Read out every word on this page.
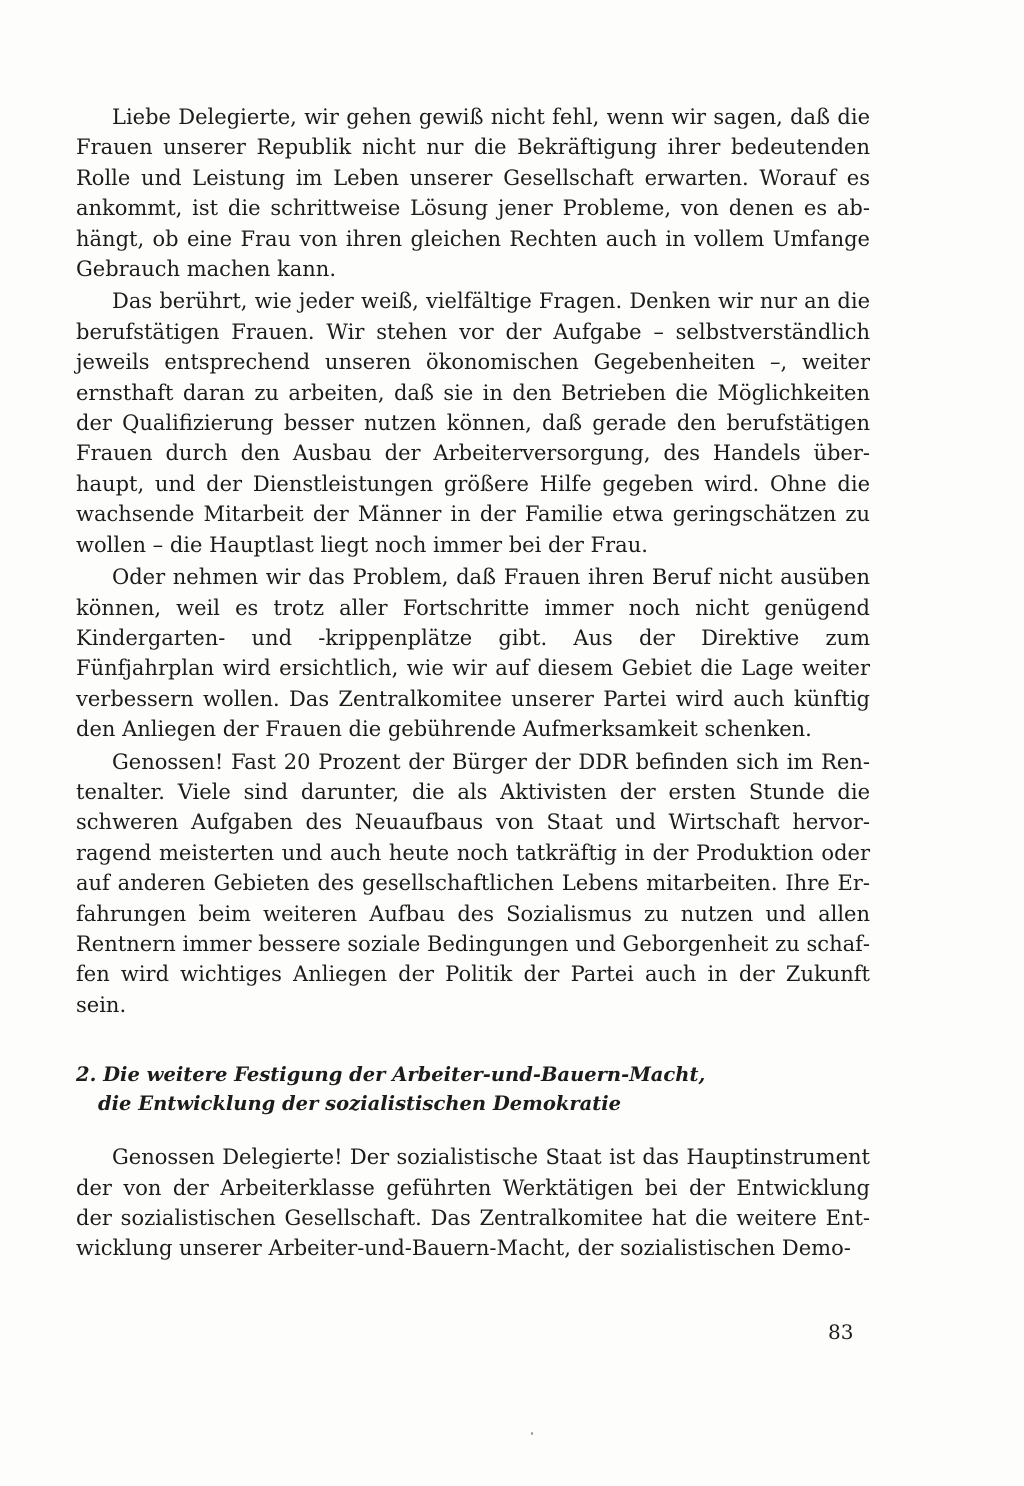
Liebe Delegierte, wir gehen gewiß nicht fehl, wenn wir sagen, daß die Frauen unserer Republik nicht nur die Bekräftigung ihrer bedeutenden Rolle und Leistung im Leben unserer Gesellschaft erwarten. Worauf es ankommt, ist die schrittweise Lösung jener Probleme, von denen es abhängt, ob eine Frau von ihren gleichen Rechten auch in vollem Umfange Gebrauch machen kann.

Das berührt, wie jeder weiß, vielfältige Fragen. Denken wir nur an die berufstätigen Frauen. Wir stehen vor der Aufgabe – selbstverständlich jeweils entsprechend unseren ökonomischen Gegebenheiten –, weiter ernsthaft daran zu arbeiten, daß sie in den Betrieben die Möglichkeiten der Qualifizierung besser nutzen können, daß gerade den berufstätigen Frauen durch den Ausbau der Arbeiterversorgung, des Handels überhaupt, und der Dienstleistungen größere Hilfe gegeben wird. Ohne die wachsende Mitarbeit der Männer in der Familie etwa geringschätzen zu wollen – die Hauptlast liegt noch immer bei der Frau.

Oder nehmen wir das Problem, daß Frauen ihren Beruf nicht ausüben können, weil es trotz aller Fortschritte immer noch nicht genügend Kindergarten- und -krippenplätze gibt. Aus der Direktive zum Fünfjahrplan wird ersichtlich, wie wir auf diesem Gebiet die Lage weiter verbessern wollen. Das Zentralkomitee unserer Partei wird auch künftig den Anliegen der Frauen die gebührende Aufmerksamkeit schenken.

Genossen! Fast 20 Prozent der Bürger der DDR befinden sich im Rentenalter. Viele sind darunter, die als Aktivisten der ersten Stunde die schweren Aufgaben des Neuaufbaus von Staat und Wirtschaft hervorragend meisterten und auch heute noch tatkräftig in der Produktion oder auf anderen Gebieten des gesellschaftlichen Lebens mitarbeiten. Ihre Erfahrungen beim weiteren Aufbau des Sozialismus zu nutzen und allen Rentnern immer bessere soziale Bedingungen und Geborgenheit zu schaffen wird wichtiges Anliegen der Politik der Partei auch in der Zukunft sein.

2. Die weitere Festigung der Arbeiter-und-Bauern-Macht,
die Entwicklung der sozialistischen Demokratie

Genossen Delegierte! Der sozialistische Staat ist das Hauptinstrument der von der Arbeiterklasse geführten Werktätigen bei der Entwicklung der sozialistischen Gesellschaft. Das Zentralkomitee hat die weitere Entwicklung unserer Arbeiter-und-Bauern-Macht, der sozialistischen Demo-

83
